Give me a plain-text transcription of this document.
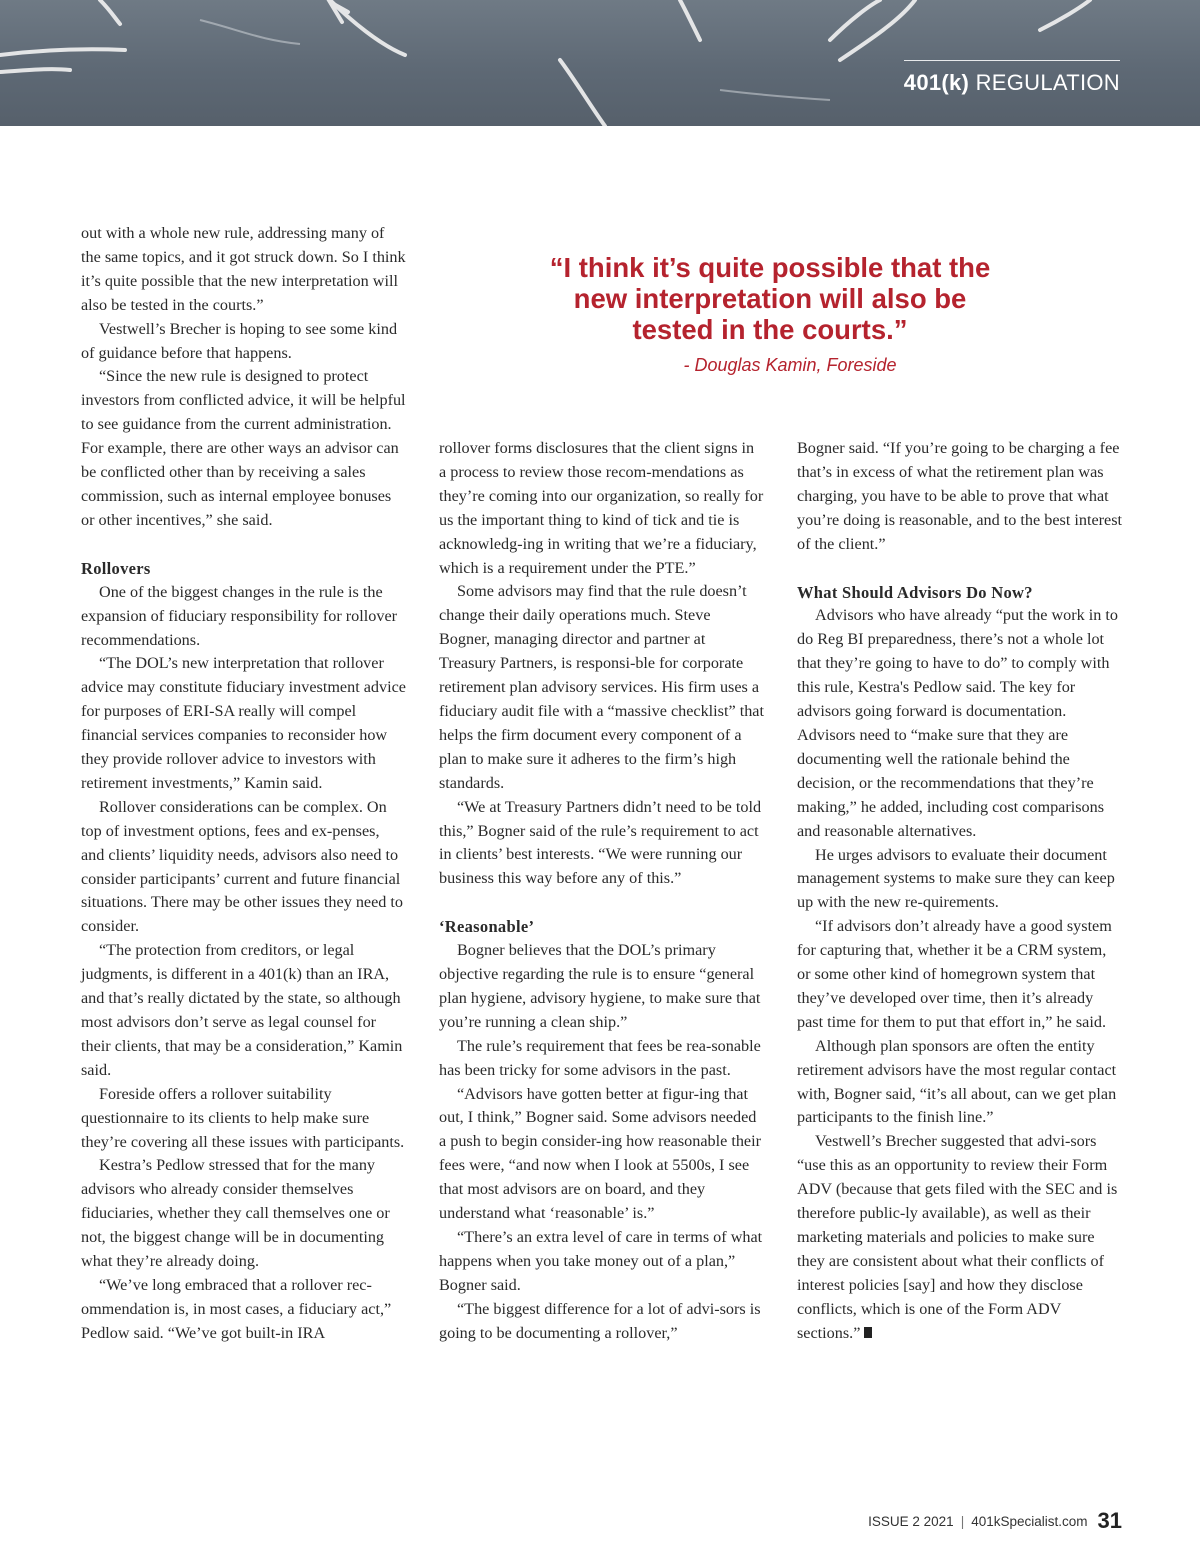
401(k) REGULATION
“I think it’s quite possible that the
new interpretation will also be
tested in the courts.”
- Douglas Kamin, Foreside

out with a whole new rule, addressing many of the same topics, and it got struck down. So I think it’s quite possible that the new interpretation will also be tested in the courts.”

Vestwell’s Brecher is hoping to see some kind of guidance before that happens.

“Since the new rule is designed to protect investors from conflicted advice, it will be helpful to see guidance from the current administration. For example, there are other ways an advisor can be conflicted other than by receiving a sales commission, such as internal employee bonuses or other incentives,” she said.

Rollovers

One of the biggest changes in the rule is the expansion of fiduciary responsibility for rollover recommendations.

“The DOL’s new interpretation that rollover advice may constitute fiduciary investment advice for purposes of ERI-SA really will compel financial services companies to reconsider how they provide rollover advice to investors with retirement investments,” Kamin said.

Rollover considerations can be complex. On top of investment options, fees and ex-penses, and clients’ liquidity needs, advisors also need to consider participants’ current and future financial situations. There may be other issues they need to consider.

“The protection from creditors, or legal judgments, is different in a 401(k) than an IRA, and that’s really dictated by the state, so although most advisors don’t serve as legal counsel for their clients, that may be a consideration,” Kamin said.

Foreside offers a rollover suitability questionnaire to its clients to help make sure they’re covering all these issues with participants.

Kestra’s Pedlow stressed that for the many advisors who already consider themselves fiduciaries, whether they call themselves one or not, the biggest change will be in documenting what they’re already doing.

“We’ve long embraced that a rollover rec-ommendation is, in most cases, a fiduciary act,” Pedlow said. “We’ve got built-in IRA

rollover forms disclosures that the client signs in a process to review those recom-mendations as they’re coming into our organization, so really for us the important thing to kind of tick and tie is acknowledg-ing in writing that we’re a fiduciary, which is a requirement under the PTE.”

Some advisors may find that the rule doesn’t change their daily operations much. Steve Bogner, managing director and partner at Treasury Partners, is responsi-ble for corporate retirement plan advisory services. His firm uses a fiduciary audit file with a “massive checklist” that helps the firm document every component of a plan to make sure it adheres to the firm’s high standards.

“We at Treasury Partners didn’t need to be told this,” Bogner said of the rule’s requirement to act in clients’ best interests. “We were running our business this way before any of this.”

‘Reasonable’

Bogner believes that the DOL’s primary objective regarding the rule is to ensure “general plan hygiene, advisory hygiene, to make sure that you’re running a clean ship.”

The rule’s requirement that fees be rea-sonable has been tricky for some advisors in the past.

“Advisors have gotten better at figur-ing that out, I think,” Bogner said. Some advisors needed a push to begin consider-ing how reasonable their fees were, “and now when I look at 5500s, I see that most advisors are on board, and they understand what ‘reasonable’ is.”

“There’s an extra level of care in terms of what happens when you take money out of a plan,” Bogner said.

“The biggest difference for a lot of advi-sors is going to be documenting a rollover,”

Bogner said. “If you’re going to be charging a fee that’s in excess of what the retirement plan was charging, you have to be able to prove that what you’re doing is reasonable, and to the best interest of the client.”

What Should Advisors Do Now?

Advisors who have already “put the work in to do Reg BI preparedness, there’s not a whole lot that they’re going to have to do” to comply with this rule, Kestra's Pedlow said. The key for advisors going forward is documentation. Advisors need to “make sure that they are documenting well the rationale behind the decision, or the recommendations that they’re making,” he added, including cost comparisons and reasonable alternatives.

He urges advisors to evaluate their document management systems to make sure they can keep up with the new re-quirements.

“If advisors don’t already have a good system for capturing that, whether it be a CRM system, or some other kind of homegrown system that they’ve developed over time, then it’s already past time for them to put that effort in,” he said.

Although plan sponsors are often the entity retirement advisors have the most regular contact with, Bogner said, “it’s all about, can we get plan participants to the finish line.”

Vestwell’s Brecher suggested that advi-sors “use this as an opportunity to review their Form ADV (because that gets filed with the SEC and is therefore public-ly available), as well as their marketing materials and policies to make sure they are consistent about what their conflicts of interest policies [say] and how they disclose conflicts, which is one of the Form ADV sections.”

ISSUE 2 2021 | 401kSpecialist.com 31
